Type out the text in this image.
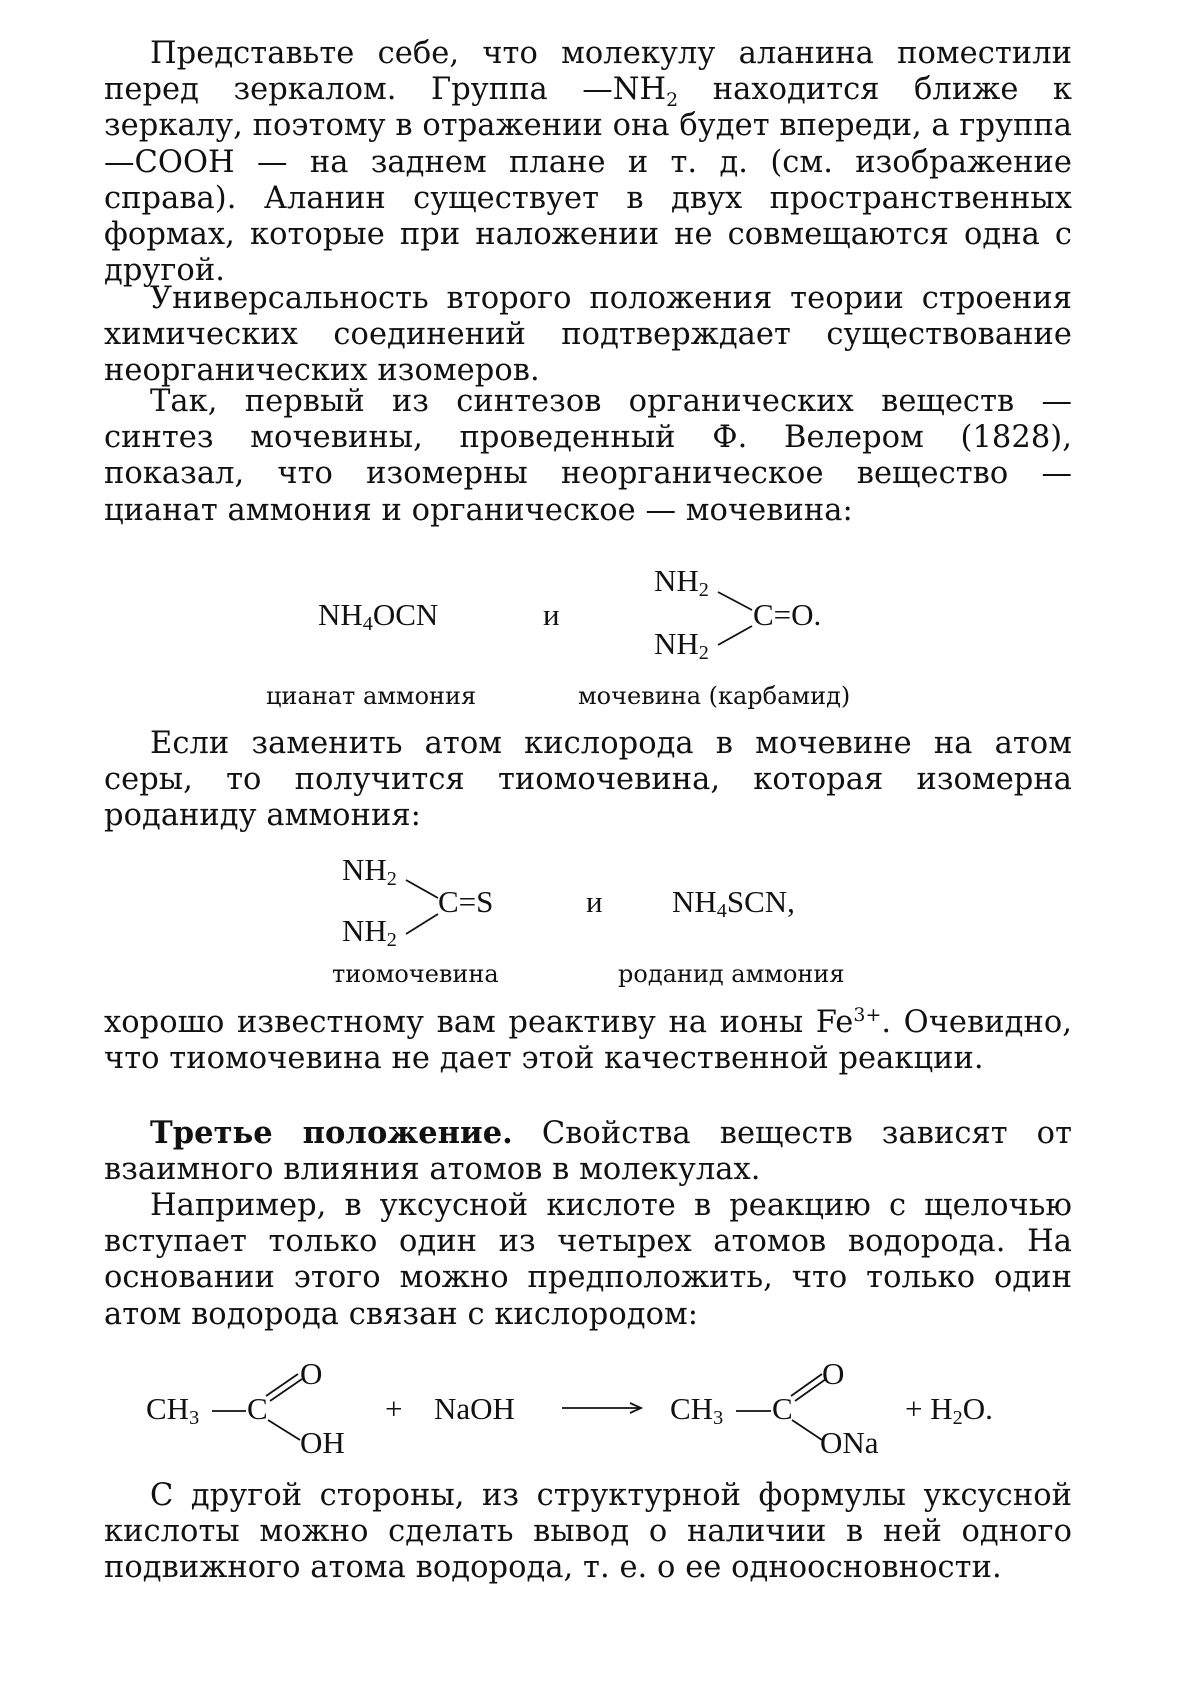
Представьте себе, что молекулу аланина поместили перед зеркалом. Группа $—NH_2$ находится ближе к зеркалу, поэтому в отражении она будет впереди, а группа —COOH — на заднем плане и т. д. (см. изображение справа). Аланин существует в двух пространственных формах, которые при наложении не совмещаются одна с другой.

Универсальность второго положения теории строения химических соединений подтверждает существование неорганических изомеров.

Так, первый из синтезов органических веществ — синтез мочевины, проведенный Ф. Велером (1828), показал, что изомерны неорганическое вещество — цианат аммония и органическое — мочевина:

$NH_4OCN$	и
$NH_2$
$NH_2$
C=O.
цианат аммония	мочевина (карбамид)

Если заменить атом кислорода в мочевине на атом серы, то получится тиомочевина, которая изомерна роданиду аммония:

$NH_2$
$NH_2$
C=S	и $NH_4SCN$,
тиомочевина	роданид аммония

хорошо известному вам реактиву на ионы $Fe^{3+}$. Очевидно, что тиомочевина не дает этой качественной реакции.

Третье положение. Свойства веществ зависят от взаимного влияния атомов в молекулах.

Например, в уксусной кислоте в реакцию с щелочью вступает только один из четырех атомов водорода. На основании этого можно предположить, что только один атом водорода связан с кислородом:

$CH_3$ C
O
OH
+ NaOH	$CH_3$ C
O
ONa
+ $H_2O$.

С другой стороны, из структурной формулы уксусной кислоты можно сделать вывод о наличии в ней одного подвижного атома водорода, т. е. о ее одноосновности.
